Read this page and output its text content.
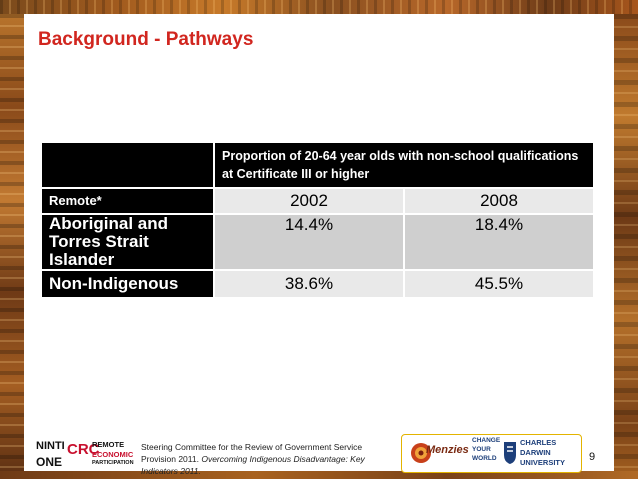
Background - Pathways
	Proportion of 20-64 year olds with non-school qualifications at Certificate III or higher	
Remote*	2002	2008
Aboriginal and Torres Strait Islander	14.4%	18.4%
Non-Indigenous	38.6%	45.5%
NINTI
ONE
CRC
REMOTE
ECONOMIC
PARTICIPATION

Steering Committee for the Review of Government Service Provision 2011. Overcoming Indigenous Disadvantage: Key Indicators 2011.

Menzies
CHANGE
YOUR
WORLD
CHARLES
DARWIN
UNIVERSITY 9
